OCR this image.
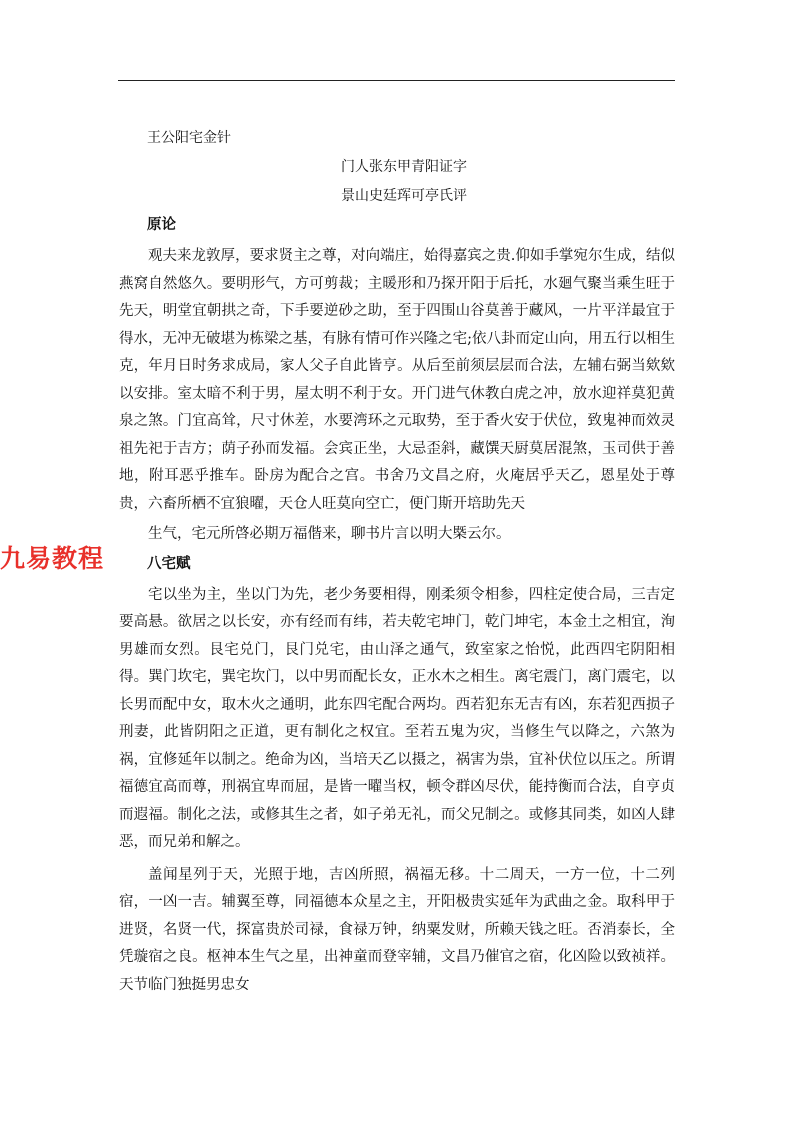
王公阳宅金针
门人张东甲青阳证字
景山史廷珲可亭氏评
原论

观夫来龙敦厚，要求贤主之尊，对向端庄，始得嘉宾之贵.仰如手掌宛尔生成，结似燕窝自然悠久。要明形气，方可剪裁；主暖形和乃探开阳于后托，水廻气聚当乘生旺于先天，明堂宜朝拱之奇，下手要逆砂之助，至于四围山谷莫善于藏风，一片平洋最宜于得水，无冲无破堪为栋梁之基，有脉有情可作兴隆之宅;依八卦而定山向，用五行以相生克，年月日时务求成局，家人父子自此皆亨。从后至前须层层而合法，左辅右弼当欸欸以安排。室太暗不利于男，屋太明不利于女。开门进气休教白虎之冲，放水迎祥莫犯黄泉之煞。门宜高耸，尺寸休差，水要湾环之元取势，至于香火安于伏位，致鬼神而效灵祖先祀于吉方；荫子孙而发福。会宾正坐，大忌歪斜，藏馔天厨莫居混煞，玉司供于善地，附耳恶乎推车。卧房为配合之宫。书舍乃文昌之府，火庵居乎天乙，恩星处于尊贵，六畜所栖不宜狼曜，天仓人旺莫向空亡，便门斯开培助先天

生气，宅元所啓必期万福偕来，聊书片言以明大槩云尔。

八宅赋

宅以坐为主，坐以门为先，老少务要相得，刚柔须令相参，四柱定使合局，三吉定要高悬。欲居之以长安，亦有经而有纬，若夫乾宅坤门，乾门坤宅，本金土之相宜，洵男雄而女烈。艮宅兑门，艮门兑宅，由山泽之通气，致室家之怡悦，此西四宅阴阳相得。巽门坎宅，巽宅坎门，以中男而配长女，正水木之相生。离宅震门，离门震宅，以长男而配中女，取木火之通明，此东四宅配合两均。西若犯东无吉有凶，东若犯西损子刑妻，此皆阴阳之正道，更有制化之权宜。至若五鬼为灾，当修生气以降之，六煞为祸，宜修延年以制之。绝命为凶，当培天乙以摄之，祸害为祟，宜补伏位以压之。所谓福德宜高而尊，刑祸宜卑而屈，是皆一曜当权，顿令群凶尽伏，能持衡而合法，自亨贞而遐福。制化之法，或修其生之者，如子弟无礼，而父兄制之。或修其同类，如凶人肆恶，而兄弟和解之。

盖闻星列于天，光照于地，吉凶所照，祸福无移。十二周天，一方一位，十二列宿，一凶一吉。辅翼至尊，同福德本众星之主，开阳极贵实延年为武曲之金。取科甲于进贤，名贤一代，探富贵於司禄，食禄万钟，纳粟发财，所赖天钱之旺。否消泰长，全凭璇宿之良。枢神本生气之星，出神童而登宰辅，文昌乃催官之宿，化凶险以致祯祥。天节临门独挺男忠女

九易教程
